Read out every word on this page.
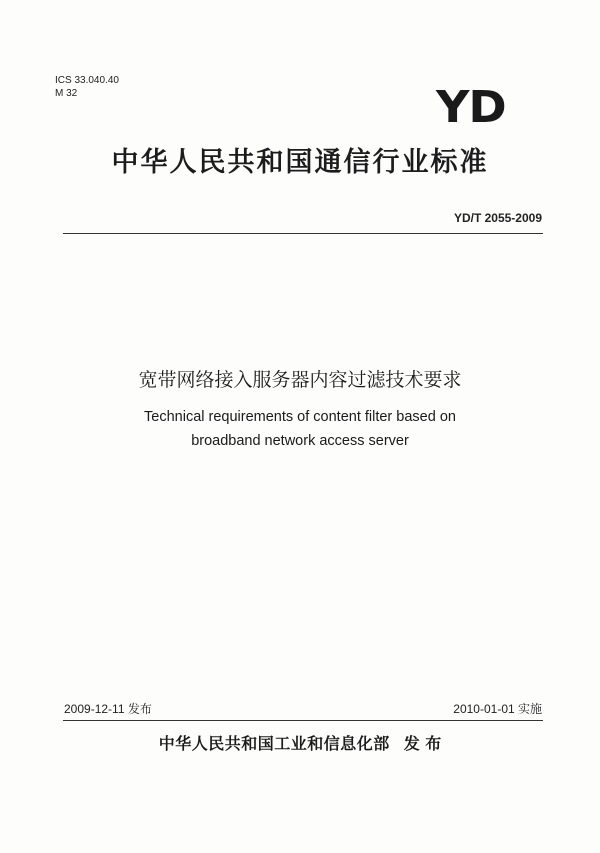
ICS 33.040.40
M 32	YD
中华人民共和国通信行业标准
YD/T 2055-2009
宽带网络接入服务器内容过滤技术要求
Technical requirements of content filter based on
broadband network access server
2009-12-11 发布	2010-01-01 实施
中华人民共和国工业和信息化部 发 布
